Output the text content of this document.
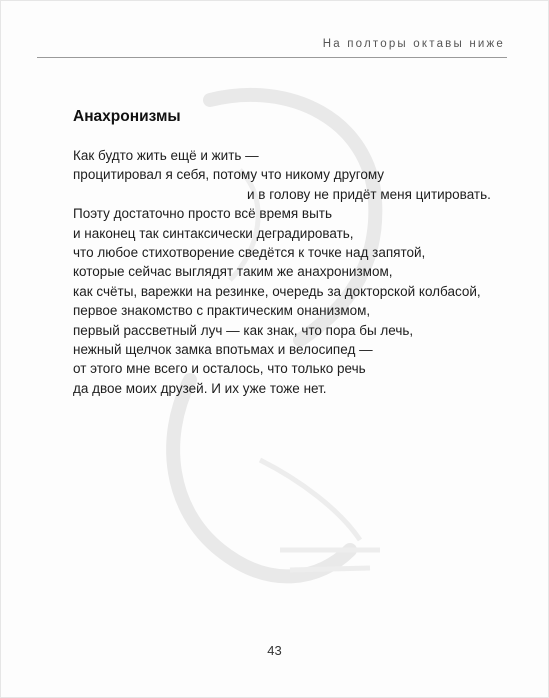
На полторы октавы ниже
Анахронизмы
Как будто жить ещё и жить —
процитировал я себя, потому что никому другому
и в голову не придёт меня цитировать.
Поэту достаточно просто всё время выть
и наконец так синтаксически деградировать,
что любое стихотворение сведётся к точке над запятой,
которые сейчас выглядят таким же анахронизмом,
как счёты, варежки на резинке, очередь за докторской колбасой,
первое знакомство с практическим онанизмом,
первый рассветный луч — как знак, что пора бы лечь,
нежный щелчок замка впотьмах и велосипед —
от этого мне всего и осталось, что только речь
да двое моих друзей. И их уже тоже нет.
43
